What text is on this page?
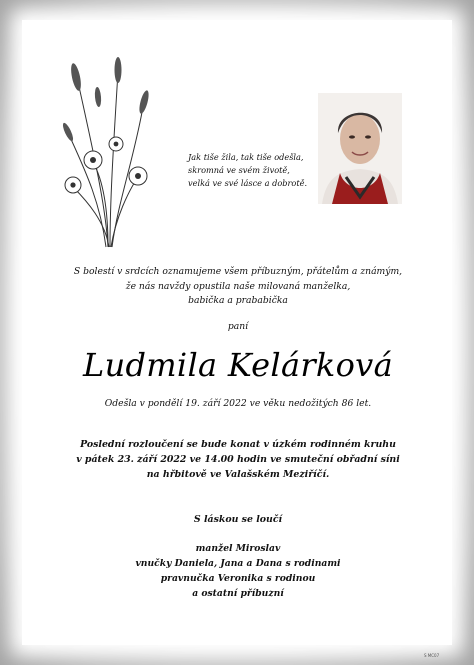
Jak tiše žila, tak tiše odešla,
skromná ve svém životě,
velká ve své lásce a dobrotě.
S bolestí v srdcích oznamujeme všem příbuzným, přátelům a známým,
že nás navždy opustila naše milovaná manželka,
babička a prababička
paní
Ludmila Kelárková
Odešla v pondělí 19. září 2022 ve věku nedožitých 86 let.
Poslední rozloučení se bude konat v úzkém rodinném kruhu
v pátek 23. září 2022 ve 14.00 hodin ve smuteční obřadní síni
na hřbitově ve Valašském Meziříčí.
S láskou se loučí
manžel Miroslav
vnučky Daniela, Jana a Dana s rodinami
pravnučka Veronika s rodinou
a ostatní příbuzní
S MC07
